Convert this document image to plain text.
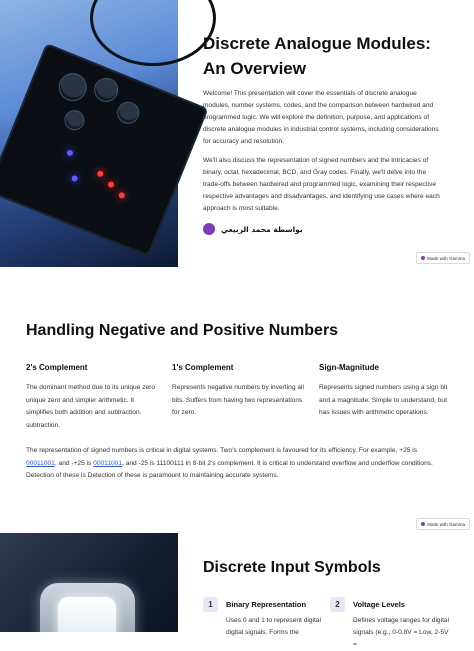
Discrete Analogue Modules: An Overview
Welcome! This presentation will cover the essentials of discrete analogue modules, number systems, codes, and the comparison between hardwired and programmed logic. We will explore the definition, purpose, and applications of discrete analogue modules in industrial control systems, including considerations for accuracy and resolution.
We'll also discuss the representation of signed numbers and the intricacies of binary, octal, hexadecimal, BCD, and Gray codes. Finally, we'll delve into the trade-offs between hardwired and programmed logic, examining their respective respective advantages and disadvantages, and identifying use cases where each approach is most suitable.
بواسطة محمد الربيعي
Made with Gamma
Handling Negative and Positive Numbers
2's Complement
The dominant method due to its unique zero unique zero and simpler arithmetic. It simplifies both addition and subtraction. subtraction.
1's Complement
Represents negative numbers by inverting all bits. Suffers from having two representations for zero.
Sign-Magnitude
Represents signed numbers using a sign bit and a magnitude. Simple to understand, but has issues with arithmetic operations.
The representation of signed numbers is critical in digital systems. Two's complement is favoured for its efficiency. For example, +25 is 00011001, and -+25 is 00011001, and -25 is 11100111 in 8-bit 2's complement. It is critical to understand overflow and underflow conditions. Detection of these is Detection of these is paramount to maintaining accurate systems.
Made with Gamma
Discrete Input Symbols
1	Binary Representation
Uses 0 and 1 to represent digital digital signals. Forms the
2	Voltage Levels
Defines voltage ranges for digital signals (e.g., 0-0.8V = Low, 2-5V =
